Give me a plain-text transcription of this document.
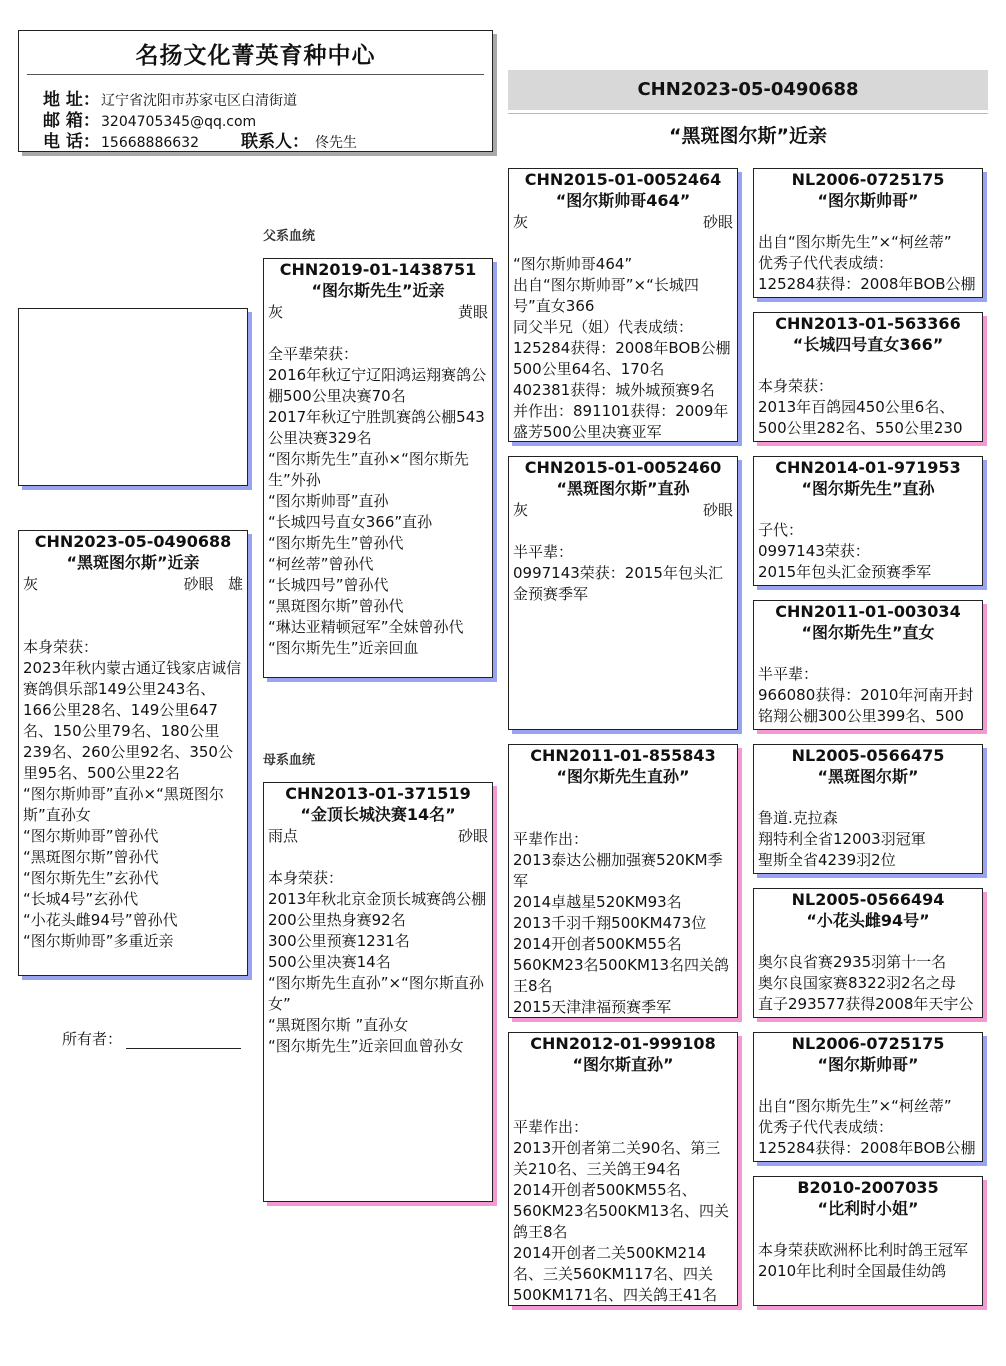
名扬文化菁英育种中心
地 址：辽宁省沈阳市苏家屯区白清街道
邮 箱：3204705345@qq.com
电 话：15668886632 联系人： 佟先生
CHN2023-05-0490688
“黑斑图尔斯”近亲
父系血统
母系血统
CHN2023-05-0490688
“黑斑图尔斯”近亲
灰	砂眼 雄

本身荣获：

2023年秋内蒙古通辽钱家店诚信赛鸽俱乐部149公里243名、166公里28名、149公里647名、150公里79名、180公里239名、260公里92名、350公里95名、500公里22名

“图尔斯帅哥”直孙×“黑斑图尔斯”直孙女

“图尔斯帅哥”曾孙代

“黑斑图尔斯”曾孙代

“图尔斯先生”玄孙代

“长城4号”玄孙代

“小花头雌94号”曾孙代

“图尔斯帅哥”多重近亲

所有者：
CHN2019-01-1438751
“图尔斯先生”近亲
灰	黄眼

全平辈荣获：

2016年秋辽宁辽阳鸿运翔赛鸽公棚500公里决赛70名

2017年秋辽宁胜凯赛鸽公棚543公里决赛329名

“图尔斯先生”直孙×“图尔斯先生”外孙

“图尔斯帅哥”直孙

“长城四号直女366”直孙

“图尔斯先生”曾孙代

“柯丝蒂”曾孙代

“长城四号”曾孙代

“黑斑图尔斯”曾孙代

“琳达亚精顿冠军”全妹曾孙代

“图尔斯先生”近亲回血

CHN2013-01-371519
“金顶长城決赛14名”
雨点	砂眼

本身荣获：

2013年秋北京金顶长城赛鸽公棚

200公里热身赛92名

300公里预赛1231名

500公里决赛14名

“图尔斯先生直孙”×“图尔斯直孙女”

“黑斑图尔斯 ”直孙女

“图尔斯先生”近亲回血曾孙女

CHN2015-01-0052464
“图尔斯帅哥464”
灰	砂眼

“图尔斯帅哥464”

出自“图尔斯帅哥”×“长城四号”直女366

同父半兄（姐）代表成绩：

125284获得：2008年BOB公棚500公里64名、170名

402381获得：城外城预赛9名

并作出：891101获得：2009年盛芳500公里决赛亚军

CHN2015-01-0052460
“黑斑图尔斯”直孙
灰	砂眼

半平辈：

0997143荣获：2015年包头汇金预赛季军

CHN2011-01-855843
“图尔斯先生直孙”

平辈作出：

2013泰达公棚加强赛520KM季军

2014卓越星520KM93名

2013千羽千翔500KM473位

2014开创者500KM55名

560KM23名500KM13名四关鸽王8名

2015天津津福预赛季军

CHN2012-01-999108
“图尔斯直孙”

平辈作出：

2013开创者第二关90名、第三关210名、三关鸽王94名

2014开创者500KM55名、560KM23名500KM13名、四关鸽王8名

2014开创者二关500KM214名、三关560KM117名、四关500KM171名、四关鸽王41名

NL2006-0725175
“图尔斯帅哥”

出自“图尔斯先生”×“柯丝蒂”

优秀子代代表成绩：

125284获得：2008年BOB公棚

CHN2013-01-563366
“长城四号直女366”

本身荣获：

2013年百鸽园450公里6名、500公里282名、550公里230

CHN2014-01-971953
“图尔斯先生”直孙

子代：

0997143荣获：

2015年包头汇金预赛季军

CHN2011-01-003034
“图尔斯先生”直女

半平辈：

966080获得：2010年河南开封铭翔公棚300公里399名、500

NL2005-0566475
“黑斑图尔斯”

鲁道.克拉森

翔特利全省12003羽冠軍

聖斯全省4239羽2位

NL2005-0566494
“小花头雌94号”

奥尔良省赛2935羽第十一名

奥尔良国家赛8322羽2名之母

直子293577获得2008年天宇公

NL2006-0725175
“图尔斯帅哥”

出自“图尔斯先生”×“柯丝蒂”

优秀子代代表成绩：

125284获得：2008年BOB公棚

B2010-2007035
“比利时小姐”

本身荣获欧洲杯比利时鸽王冠军

2010年比利时全国最佳幼鸽
